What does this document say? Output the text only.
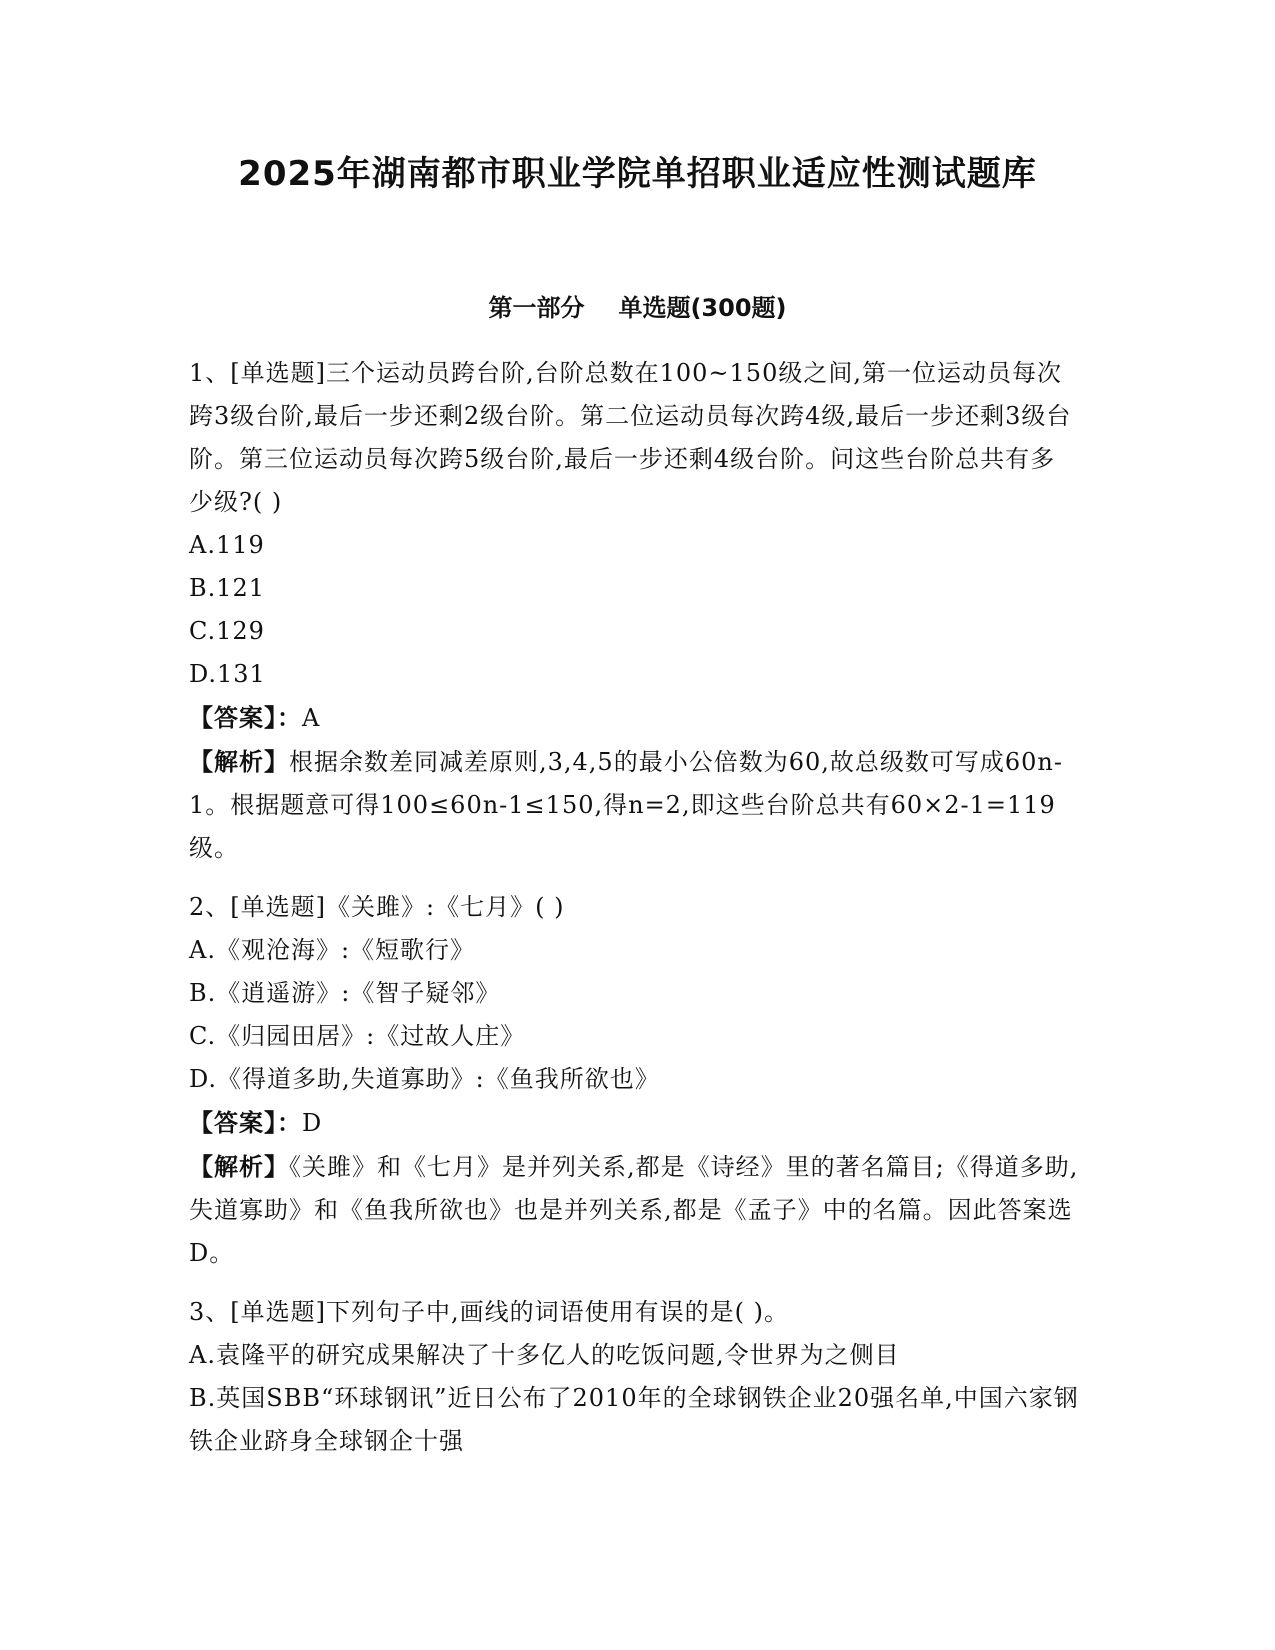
2025年湖南都市职业学院单招职业适应性测试题库
第一部分 单选题(300题)

1、[单选题]三个运动员跨台阶,台阶总数在100~150级之间,第一位运动员每次跨3级台阶,最后一步还剩2级台阶。第二位运动员每次跨4级,最后一步还剩3级台阶。第三位运动员每次跨5级台阶,最后一步还剩4级台阶。问这些台阶总共有多少级?( )

A.119

B.121

C.129

D.131

【答案】：A

【解析】根据余数差同减差原则,3,4,5的最小公倍数为60,故总级数可写成60n-1。根据题意可得100≤60n-1≤150,得n=2,即这些台阶总共有60×2-1=119级。

2、[单选题]《关雎》:《七月》( )

A.《观沧海》:《短歌行》

B.《逍遥游》:《智子疑邻》

C.《归园田居》:《过故人庄》

D.《得道多助,失道寡助》:《鱼我所欲也》

【答案】：D

【解析】《关雎》和《七月》是并列关系,都是《诗经》里的著名篇目;《得道多助,失道寡助》和《鱼我所欲也》也是并列关系,都是《孟子》中的名篇。因此答案选D。

3、[单选题]下列句子中,画线的词语使用有误的是( )。

A.袁隆平的研究成果解决了十多亿人的吃饭问题,令世界为之侧目

B.英国SBB“环球钢讯”近日公布了2010年的全球钢铁企业20强名单,中国六家钢铁企业跻身全球钢企十强
